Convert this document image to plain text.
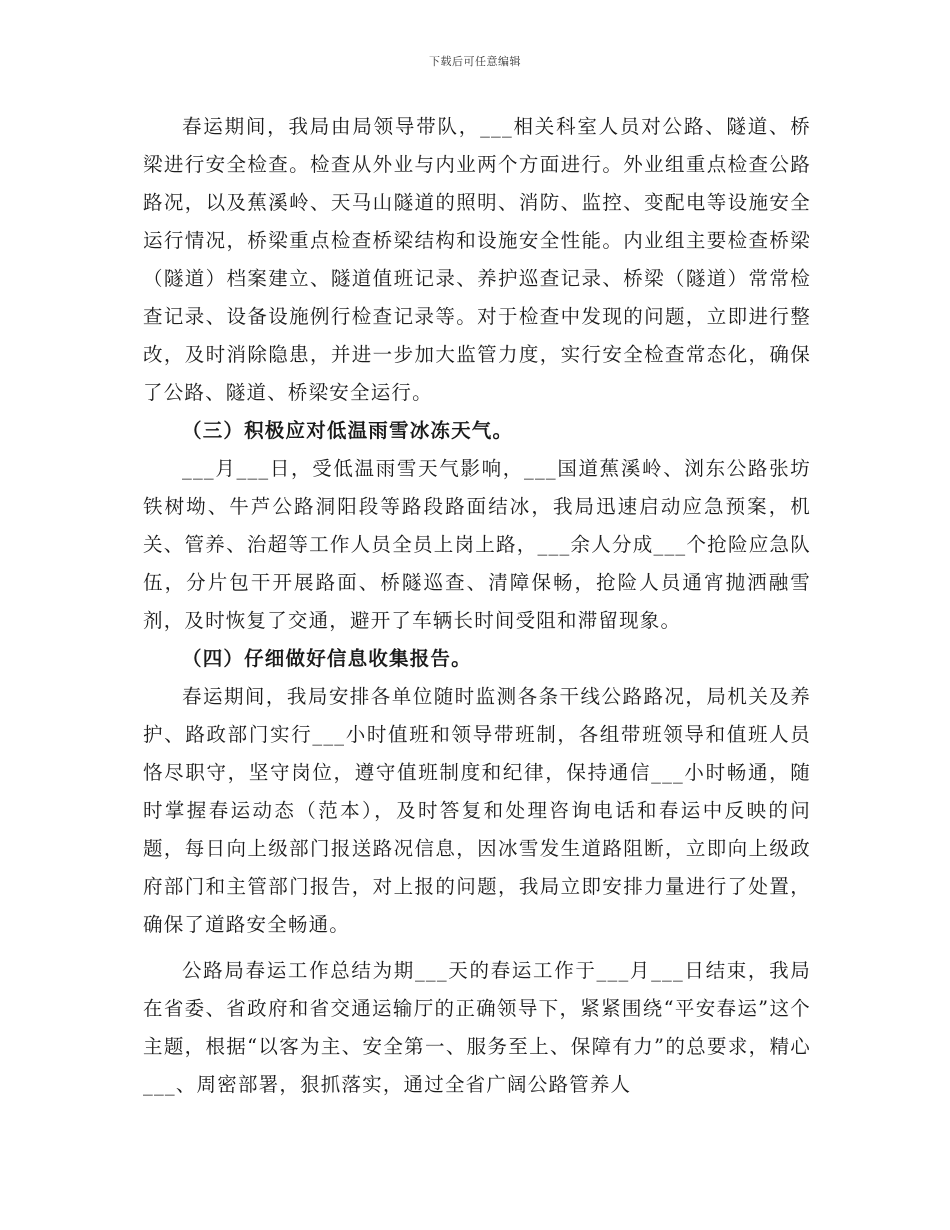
下载后可任意编辑

春运期间，我局由局领导带队，___相关科室人员对公路、隧道、桥梁进行安全检查。检查从外业与内业两个方面进行。外业组重点检查公路路况，以及蕉溪岭、天马山隧道的照明、消防、监控、变配电等设施安全运行情况，桥梁重点检查桥梁结构和设施安全性能。内业组主要检查桥梁（隧道）档案建立、隧道值班记录、养护巡查记录、桥梁（隧道）常常检查记录、设备设施例行检查记录等。对于检查中发现的问题，立即进行整改，及时消除隐患，并进一步加大监管力度，实行安全检查常态化，确保了公路、隧道、桥梁安全运行。

（三）积极应对低温雨雪冰冻天气。

___月___日，受低温雨雪天气影响，___国道蕉溪岭、浏东公路张坊铁树坳、牛芦公路洞阳段等路段路面结冰，我局迅速启动应急预案，机关、管养、治超等工作人员全员上岗上路，___余人分成___个抢险应急队伍，分片包干开展路面、桥隧巡查、清障保畅，抢险人员通宵抛洒融雪剂，及时恢复了交通，避开了车辆长时间受阻和滞留现象。

（四）仔细做好信息收集报告。

春运期间，我局安排各单位随时监测各条干线公路路况，局机关及养护、路政部门实行___小时值班和领导带班制，各组带班领导和值班人员恪尽职守，坚守岗位，遵守值班制度和纪律，保持通信___小时畅通，随时掌握春运动态（范本），及时答复和处理咨询电话和春运中反映的问题，每日向上级部门报送路况信息，因冰雪发生道路阻断，立即向上级政府部门和主管部门报告，对上报的问题，我局立即安排力量进行了处置，确保了道路安全畅通。

公路局春运工作总结为期___天的春运工作于___月___日结束，我局在省委、省政府和省交通运输厅的正确领导下，紧紧围绕“平安春运”这个主题，根据“以客为主、安全第一、服务至上、保障有力”的总要求，精心___、周密部署，狠抓落实，通过全省广阔公路管养人
